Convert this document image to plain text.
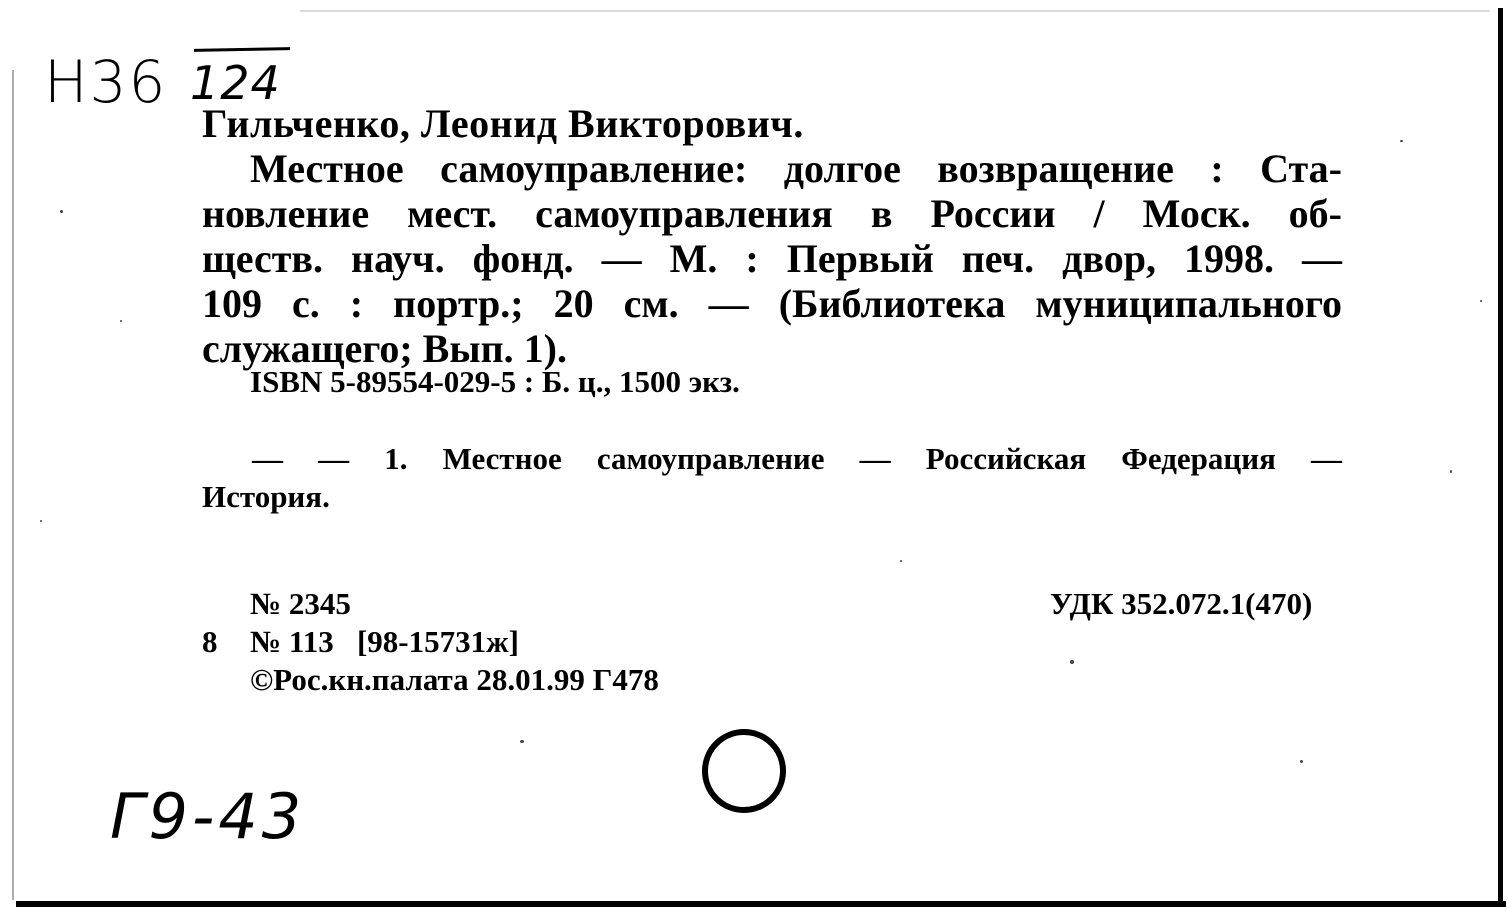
Н36 124
Гильченко, Леонид Викторович.
Местное самоуправление: долгое возвращение : Ста-
новление мест. самоуправления в России / Моск. об-
ществ. науч. фонд. — М. : Первый печ. двор, 1998. —
109 с. : портр.; 20 см. — (Библиотека муниципального
служащего; Вып. 1).
ISBN 5-89554-029-5 : Б. ц., 1500 экз.
— — 1. Местное самоуправление — Российская Федерация —
История.
№ 2345	УДК 352.072.1(470)
8 № 113   [98-15731ж]
©Рос.кн.палата 28.01.99 Г478
Г9-43
